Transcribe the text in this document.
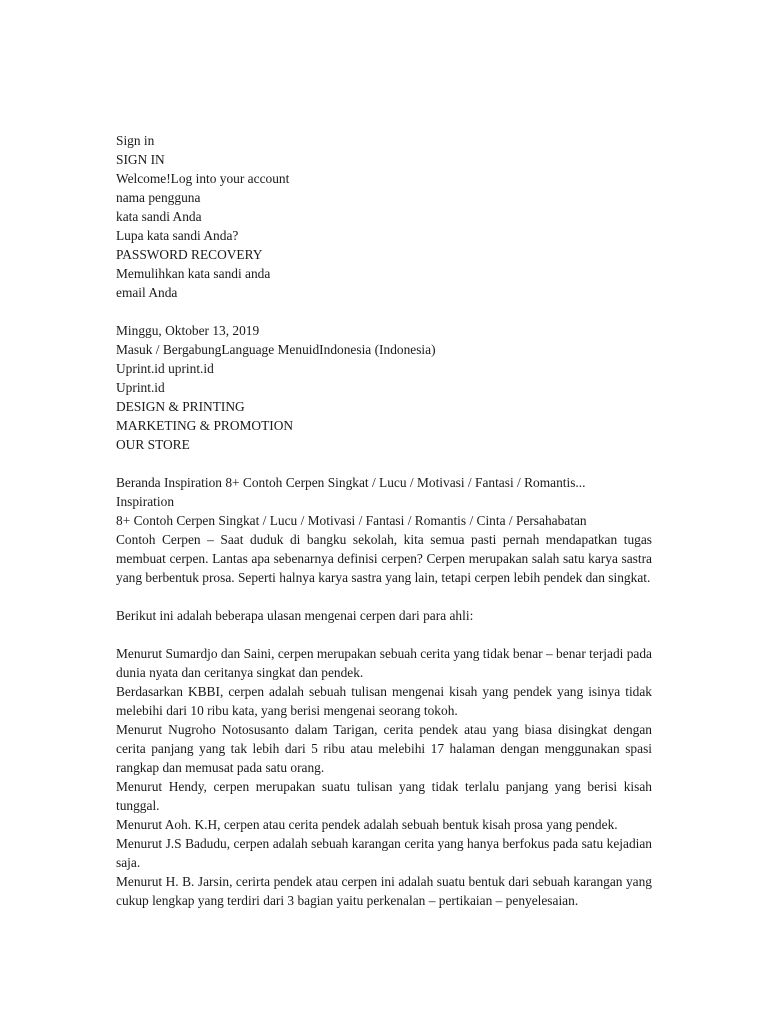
Sign in
SIGN IN
Welcome!Log into your account
nama pengguna
kata sandi Anda
Lupa kata sandi Anda?
PASSWORD RECOVERY
Memulihkan kata sandi anda
email Anda
Minggu, Oktober 13, 2019
Masuk / BergabungLanguage MenuidIndonesia (Indonesia)
Uprint.id uprint.id
Uprint.id
DESIGN & PRINTING
MARKETING & PROMOTION
OUR STORE
Beranda Inspiration 8+ Contoh Cerpen Singkat / Lucu / Motivasi / Fantasi / Romantis...
Inspiration
8+ Contoh Cerpen Singkat / Lucu / Motivasi / Fantasi / Romantis / Cinta / Persahabatan

Contoh Cerpen – Saat duduk di bangku sekolah, kita semua pasti pernah mendapatkan tugas membuat cerpen. Lantas apa sebenarnya definisi cerpen? Cerpen merupakan salah satu karya sastra yang berbentuk prosa. Seperti halnya karya sastra yang lain, tetapi cerpen lebih pendek dan singkat.

Berikut ini adalah beberapa ulasan mengenai cerpen dari para ahli:

Menurut Sumardjo dan Saini, cerpen merupakan sebuah cerita yang tidak benar – benar terjadi pada dunia nyata dan ceritanya singkat dan pendek.

Berdasarkan KBBI, cerpen adalah sebuah tulisan mengenai kisah yang pendek yang isinya tidak melebihi dari 10 ribu kata, yang berisi mengenai seorang tokoh.

Menurut Nugroho Notosusanto dalam Tarigan, cerita pendek atau yang biasa disingkat dengan cerita panjang yang tak lebih dari 5 ribu atau melebihi 17 halaman dengan menggunakan spasi rangkap dan memusat pada satu orang.

Menurut Hendy, cerpen merupakan suatu tulisan yang tidak terlalu panjang yang berisi kisah tunggal.

Menurut Aoh. K.H, cerpen atau cerita pendek adalah sebuah bentuk kisah prosa yang pendek.

Menurut J.S Badudu, cerpen adalah sebuah karangan cerita yang hanya berfokus pada satu kejadian saja.

Menurut H. B. Jarsin, cerirta pendek atau cerpen ini adalah suatu bentuk dari sebuah karangan yang cukup lengkap yang terdiri dari 3 bagian yaitu perkenalan – pertikaian – penyelesaian.
